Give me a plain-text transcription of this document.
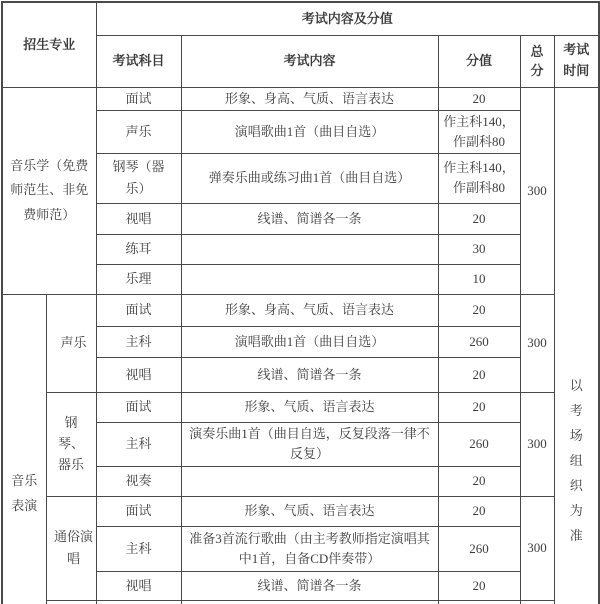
招生专业		考试内容及分值				
		考试科目	考试内容	分值	总分	考试时间

音乐学（免费师范生、非免费师范）		面试	形象、身高、气质、语言表达	20	300	以考场组织为准

		声乐	演唱歌曲1首（曲目自选）	作主科140，作副科80		

		钢琴（器乐）	弹奏乐曲或练习曲1首（曲目自选）	作主科140，作副科80		
		视唱	线谱、简谱各一条	20		
		练耳		30		
		乐理		10		

音乐表演	声乐	面试	形象、身高、气质、语言表达	20	300	
		主科	演唱歌曲1首（曲目自选）	260		
		视唱	线谱、简谱各一条	20		

	钢琴、器乐	面试	形象、气质、语言表达	20	300	
		主科	演奏乐曲1首（曲目自选，反复段落一律不反复）	260		
		视奏		20		

	通俗演唱	面试	形象、气质、语言表达	20	300	
		主科	准备3首流行歌曲（由主考教师指定演唱其中1首，自备CD伴奏带）	260		
		视唱	线谱、简谱各一条	20		
